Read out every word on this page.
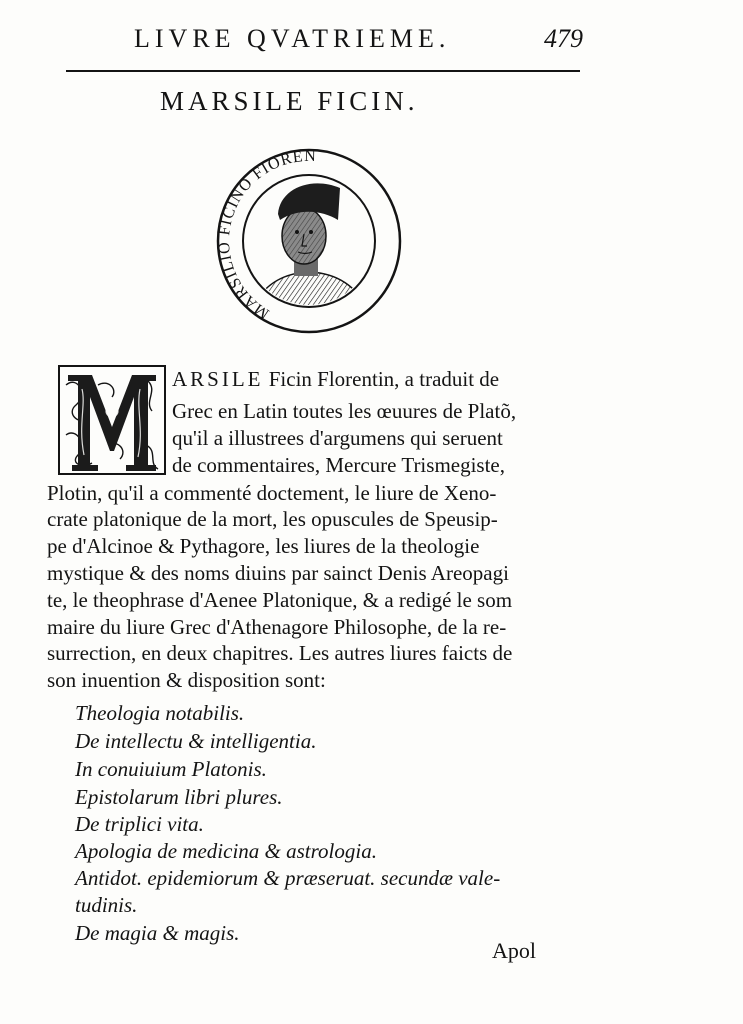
LIVRE QVATRIEME.	479
MARSILE FICIN.
MARSILIO FICINO FIOREN
ARSILE Ficin Florentin, a traduit de
Grec en Latin toutes les œuures de Platõ,
qu'il a illustrees d'argumens qui seruent
de commentaires, Mercure Trismegiste,
Plotin, qu'il a commenté doctement, le liure de Xeno-
crate platonique de la mort, les opuscules de Speusip-
pe d'Alcinoe & Pythagore, les liures de la theologie
mystique & des noms diuins par sainct Denis Areopagi
te, le theophrase d'Aenee Platonique, & a redigé le som
maire du liure Grec d'Athenagore Philosophe, de la re-
surrection, en deux chapitres. Les autres liures faicts de
son inuention & disposition sont:
Theologia notabilis.
De intellectu & intelligentia.
In conuiuium Platonis.
Epistolarum libri plures.
De triplici vita.
Apologia de medicina & astrologia.
Antidot. epidemiorum & præseruat. secundæ vale-
tudinis.
De magia & magis.
Apol
